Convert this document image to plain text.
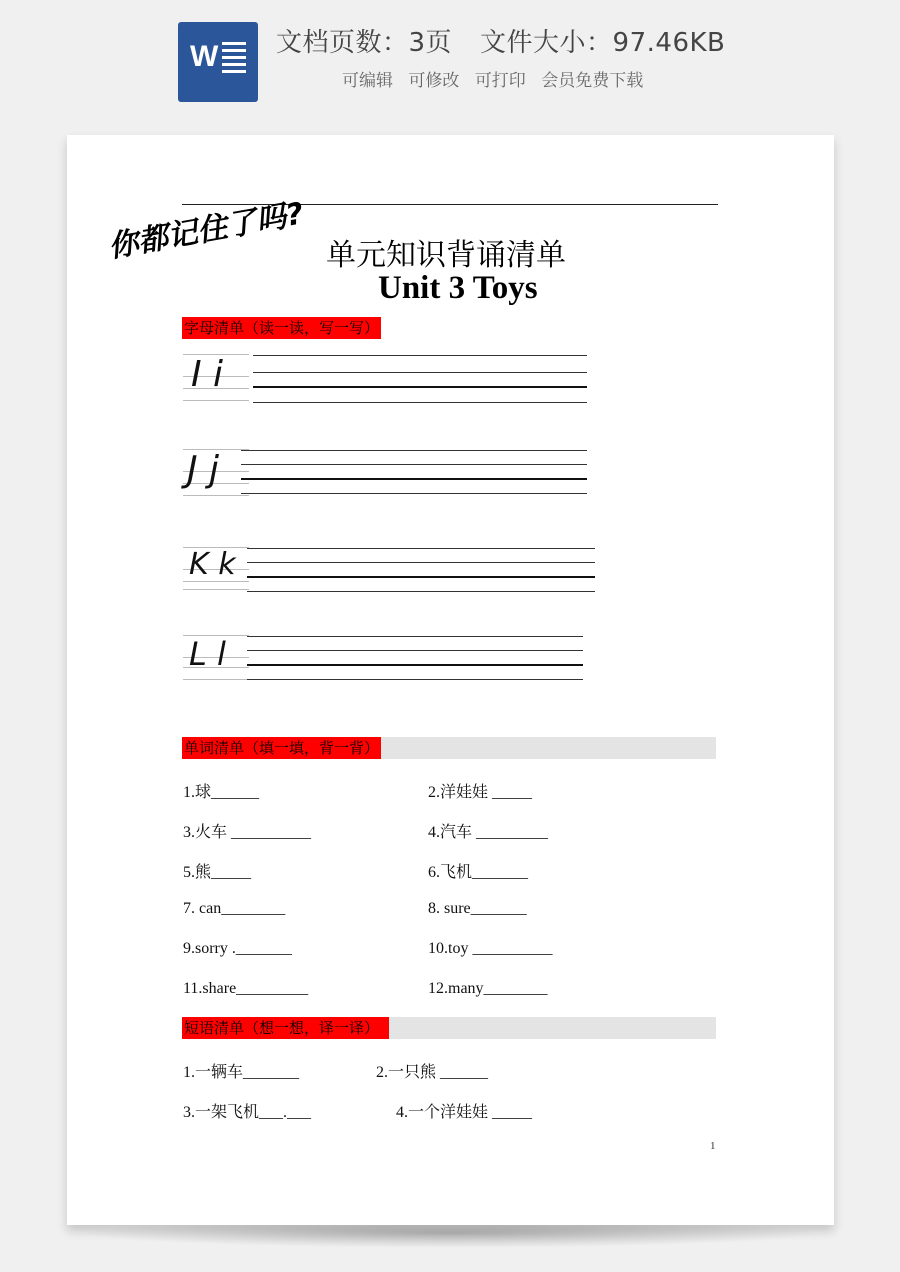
W 文档页数：3页 文件大小：97.46KB
可编辑 可修改 可打印 会员免费下载
你都记住了吗? 单元知识背诵清单
Unit 3 Toys
字母清单（读一读，写一写）
I i
J j
K k
L l
单词清单（填一填，背一背）
1.球______	2.洋娃娃 _____
3.火车 __________	4.汽车 _________
5.熊_____	6.飞机_______
7. can________	8. sure_______
9.sorry ._______	10.toy __________
11.share_________	12.many________
短语清单（想一想，译一译）
1.一辆车_______	2.一只熊 ______
3.一架飞机___.___	4.一个洋娃娃 _____
1
